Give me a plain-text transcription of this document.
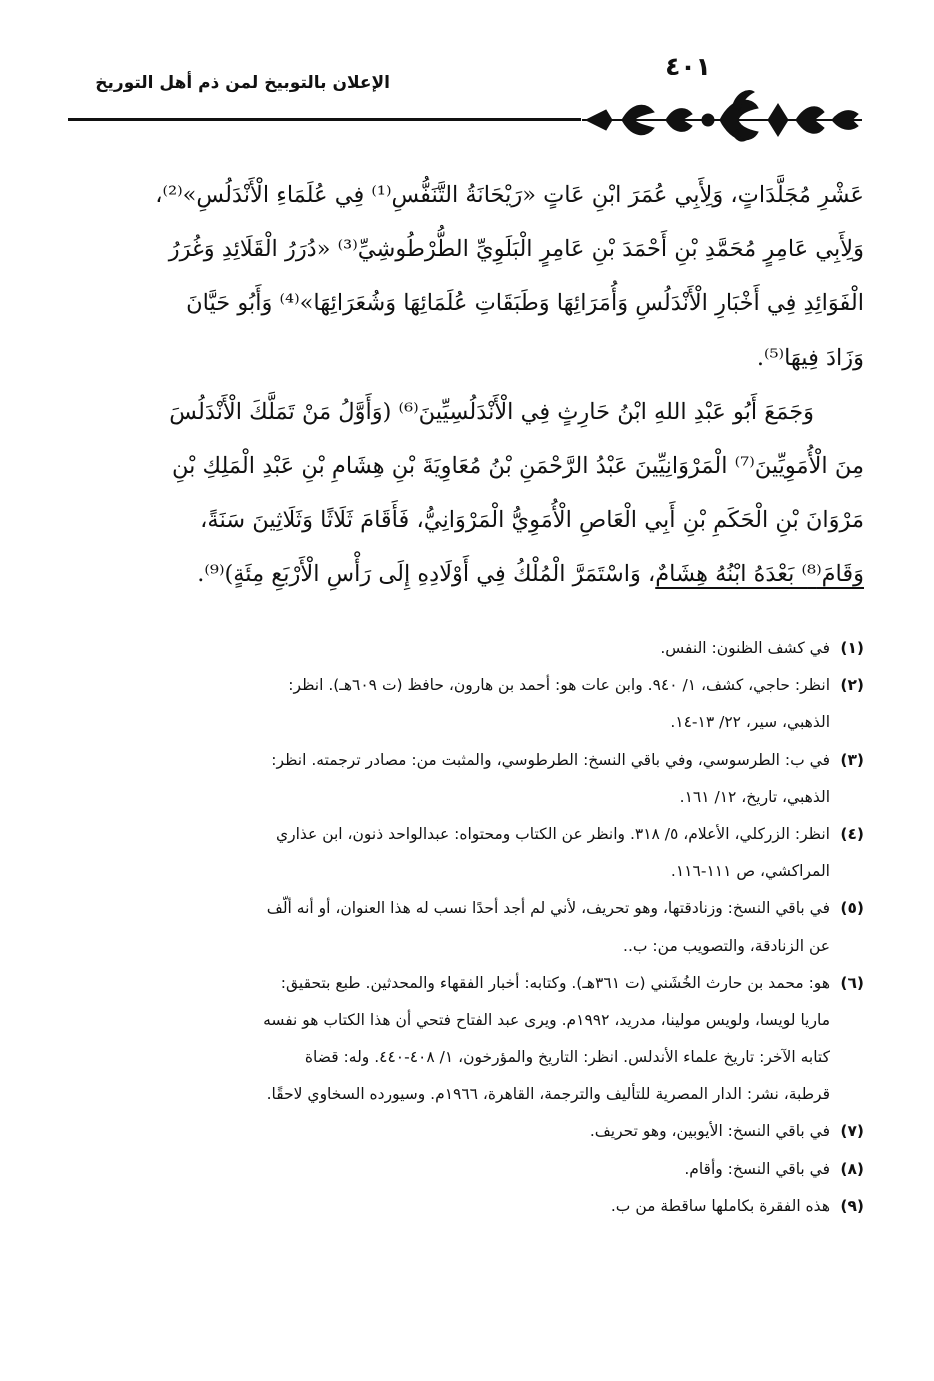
٤٠١
الإعلان بالتوبيخ لمن ذم أهل التوريخ
عَشْرِ مُجَلَّدَاتٍ، وَلِأَبِي عُمَرَ ابْنِ عَاتٍ «رَيْحَانَةُ التَّنَفُّسِ⁽¹⁾ فِي عُلَمَاءِ الْأَنْدَلُسِ»⁽²⁾،
وَلِأَبِي عَامِرٍ مُحَمَّدِ بْنِ أَحْمَدَ بْنِ عَامِرٍ الْبَلَوِيِّ الطُّرْطُوشِيِّ⁽³⁾ «دُرَرُ الْقَلَائِدِ وَغُرَرُ
الْفَوَائِدِ فِي أَخْبَارِ الْأَنْدَلُسِ وَأُمَرَائِهَا وَطَبَقَاتِ عُلَمَائِهَا وَشُعَرَائِهَا»⁽⁴⁾ وَأَبُو حَيَّانَ
وَزَادَ فِيهَا⁽⁵⁾.
وَجَمَعَ أَبُو عَبْدِ اللهِ ابْنُ حَارِثٍ فِي الْأَنْدَلُسِيِّينَ⁽⁶⁾ (وَأَوَّلُ مَنْ تَمَلَّكَ الْأَنْدَلُسَ
مِنَ الْأُمَوِيِّينَ⁽⁷⁾ الْمَرْوَانِيِّينَ عَبْدُ الرَّحْمَنِ بْنُ مُعَاوِيَةَ بْنِ هِشَامِ بْنِ عَبْدِ الْمَلِكِ بْنِ
مَرْوَانَ بْنِ الْحَكَمِ بْنِ أَبِي الْعَاصِ الْأُمَوِيُّ الْمَرْوَانِيُّ، فَأَقَامَ ثَلَاثًا وَثَلَاثِينَ سَنَةً،
وَقَامَ⁽⁸⁾ بَعْدَهُ ابْنُهُ هِشَامٌ، وَاسْتَمَرَّ الْمُلْكُ فِي أَوْلَادِهِ إِلَى رَأْسِ الْأَرْبَعِ مِئَةٍ)⁽⁹⁾.
(١)
في كشف الظنون: النفس.
(٢)
انظر: حاجي، كشف، ١/ ٩٤٠. وابن عات هو: أحمد بن هارون، حافظ (ت ٦٠٩هـ). انظر:
الذهبي، سير، ٢٢/ ١٣-١٤.
(٣)
في ب: الطرسوسي، وفي باقي النسخ: الطرطوسي، والمثبت من: مصادر ترجمته. انظر:
الذهبي، تاريخ، ١٢/ ١٦١.
(٤)
انظر: الزركلي، الأعلام، ٥/ ٣١٨. وانظر عن الكتاب ومحتواه: عبدالواحد ذنون، ابن عذاري
المراكشي، ص ١١١-١١٦.
(٥)
في باقي النسخ: وزنادقتها، وهو تحريف، لأني لم أجد أحدًا نسب له هذا العنوان، أو أنه ألّف
عن الزنادقة، والتصويب من: ب..
(٦)
هو: محمد بن حارث الخُشَني (ت ٣٦١هـ). وكتابه: أخبار الفقهاء والمحدثين. طبع بتحقيق:
ماريا لويسا، ولويس مولينا، مدريد، ١٩٩٢م. ويرى عبد الفتاح فتحي أن هذا الكتاب هو نفسه
كتابه الآخر: تاريخ علماء الأندلس. انظر: التاريخ والمؤرخون، ١/ ٤٠٨-٤٤٠. وله: قضاة
قرطبة، نشر: الدار المصرية للتأليف والترجمة، القاهرة، ١٩٦٦م. وسيورده السخاوي لاحقًا.
(٧)
في باقي النسخ: الأيوبين، وهو تحريف.
(٨)
في باقي النسخ: وأقام.
(٩)
هذه الفقرة بكاملها ساقطة من ب.
